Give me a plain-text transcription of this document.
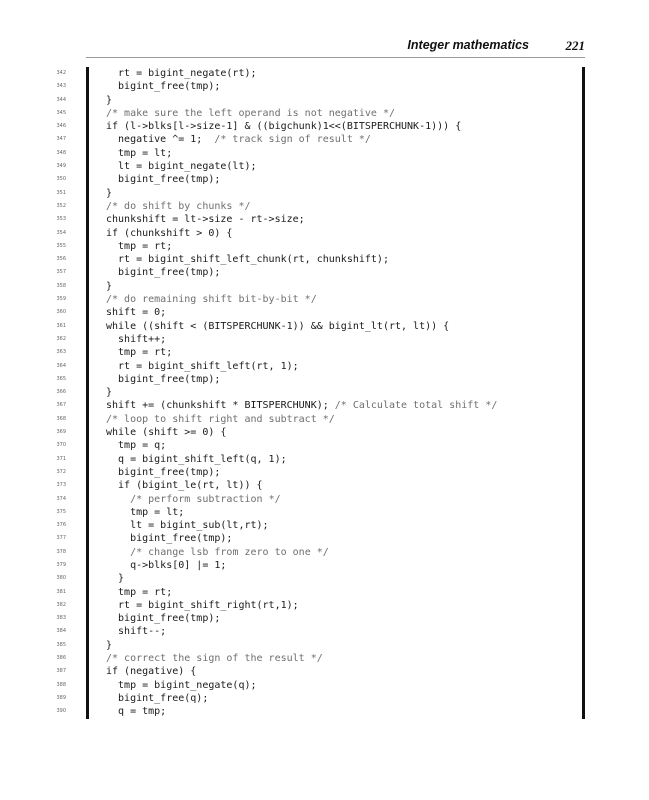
Integer mathematics	221
342	rt = bigint_negate(rt);
343	bigint_free(tmp);
344	}
345	/* make sure the left operand is not negative */
346	if (l->blks[l->size-1] & ((bigchunk)1<<(BITSPERCHUNK-1))) {
347	negative ^= 1;  /* track sign of result */
348	tmp = lt;
349	lt = bigint_negate(lt);
350	bigint_free(tmp);
351	}
352	/* do shift by chunks */
353	chunkshift = lt->size - rt->size;
354	if (chunkshift > 0) {
355	tmp = rt;
356	rt = bigint_shift_left_chunk(rt, chunkshift);
357	bigint_free(tmp);
358	}
359	/* do remaining shift bit-by-bit */
360	shift = 0;
361	while ((shift < (BITSPERCHUNK-1)) && bigint_lt(rt, lt)) {
362	shift++;
363	tmp = rt;
364	rt = bigint_shift_left(rt, 1);
365	bigint_free(tmp);
366	}
367	shift += (chunkshift * BITSPERCHUNK); /* Calculate total shift */
368	/* loop to shift right and subtract */
369	while (shift >= 0) {
370	tmp = q;
371	q = bigint_shift_left(q, 1);
372	bigint_free(tmp);
373	if (bigint_le(rt, lt)) {
374	/* perform subtraction */
375	tmp = lt;
376	lt = bigint_sub(lt,rt);
377	bigint_free(tmp);
378	/* change lsb from zero to one */
379	q->blks[0] |= 1;
380	}
381	tmp = rt;
382	rt = bigint_shift_right(rt,1);
383	bigint_free(tmp);
384	shift--;
385	}
386	/* correct the sign of the result */
387	if (negative) {
388	tmp = bigint_negate(q);
389	bigint_free(q);
390	q = tmp;
